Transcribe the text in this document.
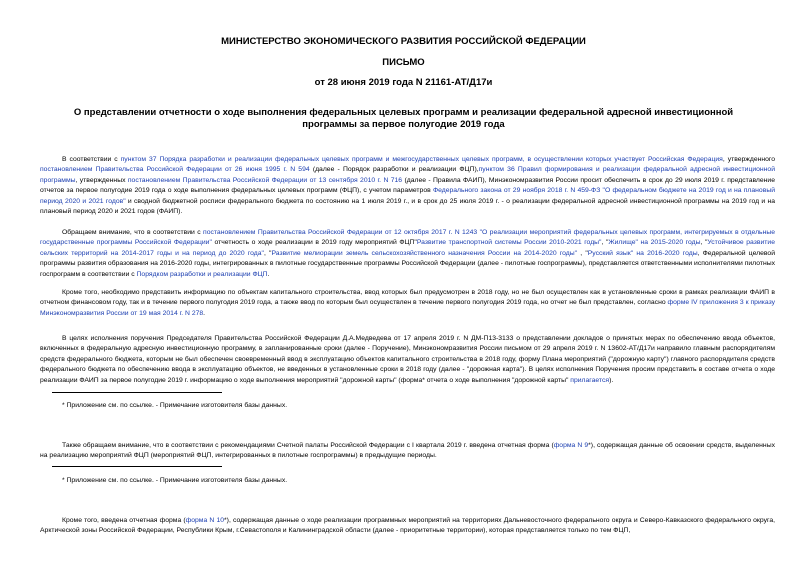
МИНИСТЕРСТВО ЭКОНОМИЧЕСКОГО РАЗВИТИЯ РОССИЙСКОЙ ФЕДЕРАЦИИ
ПИСЬМО
от 28 июня 2019 года N 21161-АТ/Д17и
О представлении отчетности о ходе выполнения федеральных целевых программ и реализации федеральной адресной инвестиционной программы за первое полугодие 2019 года
В соответствии с пунктом 37 Порядка разработки и реализации федеральных целевых программ и межгосударственных целевых программ, в осуществлении которых участвует Российская Федерация, утвержденного постановлением Правительства Российской Федерации от 26 июня 1995 г. N 594 (далее - Порядок разработки и реализации ФЦП),пунктом 36 Правил формирования и реализации федеральной адресной инвестиционной программы, утвержденных постановлением Правительства Российской Федерации от 13 сентября 2010 г. N 716 (далее - Правила ФАИП), Минэкономразвития России просит обеспечить в срок до 29 июля 2019 г. представление отчетов за первое полугодие 2019 года о ходе выполнения федеральных целевых программ (ФЦП), с учетом параметров Федерального закона от 29 ноября 2018 г. N 459-ФЗ "О федеральном бюджете на 2019 год и на плановый период 2020 и 2021 годов" и сводной бюджетной росписи федерального бюджета по состоянию на 1 июля 2019 г., и в срок до 25 июля 2019 г. - о реализации федеральной адресной инвестиционной программы на 2019 год и на плановый период 2020 и 2021 годов (ФАИП).
Обращаем внимание, что в соответствии с постановлением Правительства Российской Федерации от 12 октября 2017 г. N 1243 "О реализации мероприятий федеральных целевых программ, интегрируемых в отдельные государственные программы Российской Федерации" отчетность о ходе реализации в 2019 году мероприятий ФЦП"Развитие транспортной системы России 2010-2021 годы", "Жилище" на 2015-2020 годы, "Устойчивое развитие сельских территорий на 2014-2017 годы и на период до 2020 года", "Развитие мелиорации земель сельскохозяйственного назначения России на 2014-2020 годы" , "Русский язык" на 2016-2020 годы, Федеральной целевой программы развития образования на 2016-2020 годы, интегрированных в пилотные государственные программы Российской Федерации (далее - пилотные госпрограммы), представляется ответственными исполнителями пилотных госпрограмм в соответствии с Порядком разработки и реализации ФЦП.
Кроме того, необходимо представить информацию по объектам капитального строительства, ввод которых был предусмотрен в 2018 году, но не был осуществлен как в установленные сроки в рамках реализации ФАИП в отчетном финансовом году, так и в течение первого полугодия 2019 года, а также ввод по которым был осуществлен в течение первого полугодия 2019 года, но отчет не был представлен, согласно форме IV приложения 3 к приказу Минэкономразвития России от 19 мая 2014 г. N 278.
В целях исполнения поручения Председателя Правительства Российской Федерации Д.А.Медведева от 17 апреля 2019 г. N ДМ-П13-3133 о представлении докладов о принятых мерах по обеспечению ввода объектов, включенных в федеральную адресную инвестиционную программу, в запланированные сроки (далее - Поручение), Минэкономразвития России письмом от 29 апреля 2019 г. N 13602-АТ/Д17и направило главным распорядителям средств федерального бюджета, которым не был обеспечен своевременный ввод в эксплуатацию объектов капитального строительства в 2018 году, форму Плана мероприятий ("дорожную карту") главного распорядителя средств федерального бюджета по обеспечению ввода в эксплуатацию объектов, не введенных в установленные сроки в 2018 году (далее - "дорожная карта"). В целях исполнения Поручения просим представить в составе отчета о ходе реализации ФАИП за первое полугодие 2019 г. информацию о ходе выполнения мероприятий "дорожной карты" (форма* отчета о ходе выполнения "дорожной карты" прилагается).
* Приложение см. по ссылке. - Примечание изготовителя базы данных.
Также обращаем внимание, что в соответствии с рекомендациями Счетной палаты Российской Федерации с I квартала 2019 г. введена отчетная форма (форма N 9*), содержащая данные об освоении средств, выделенных на реализацию мероприятий ФЦП (мероприятий ФЦП, интегрированных в пилотные госпрограммы) в предыдущие периоды.
* Приложение см. по ссылке. - Примечание изготовителя базы данных.
Кроме того, введена отчетная форма (форма N 10*), содержащая данные о ходе реализации программных мероприятий на территориях Дальневосточного федерального округа и Северо-Кавказского федерального округа, Арктической зоны Российской Федерации, Республики Крым, г.Севастополя и Калининградской области (далее - приоритетные территории), которая представляется только по тем ФЦП,
